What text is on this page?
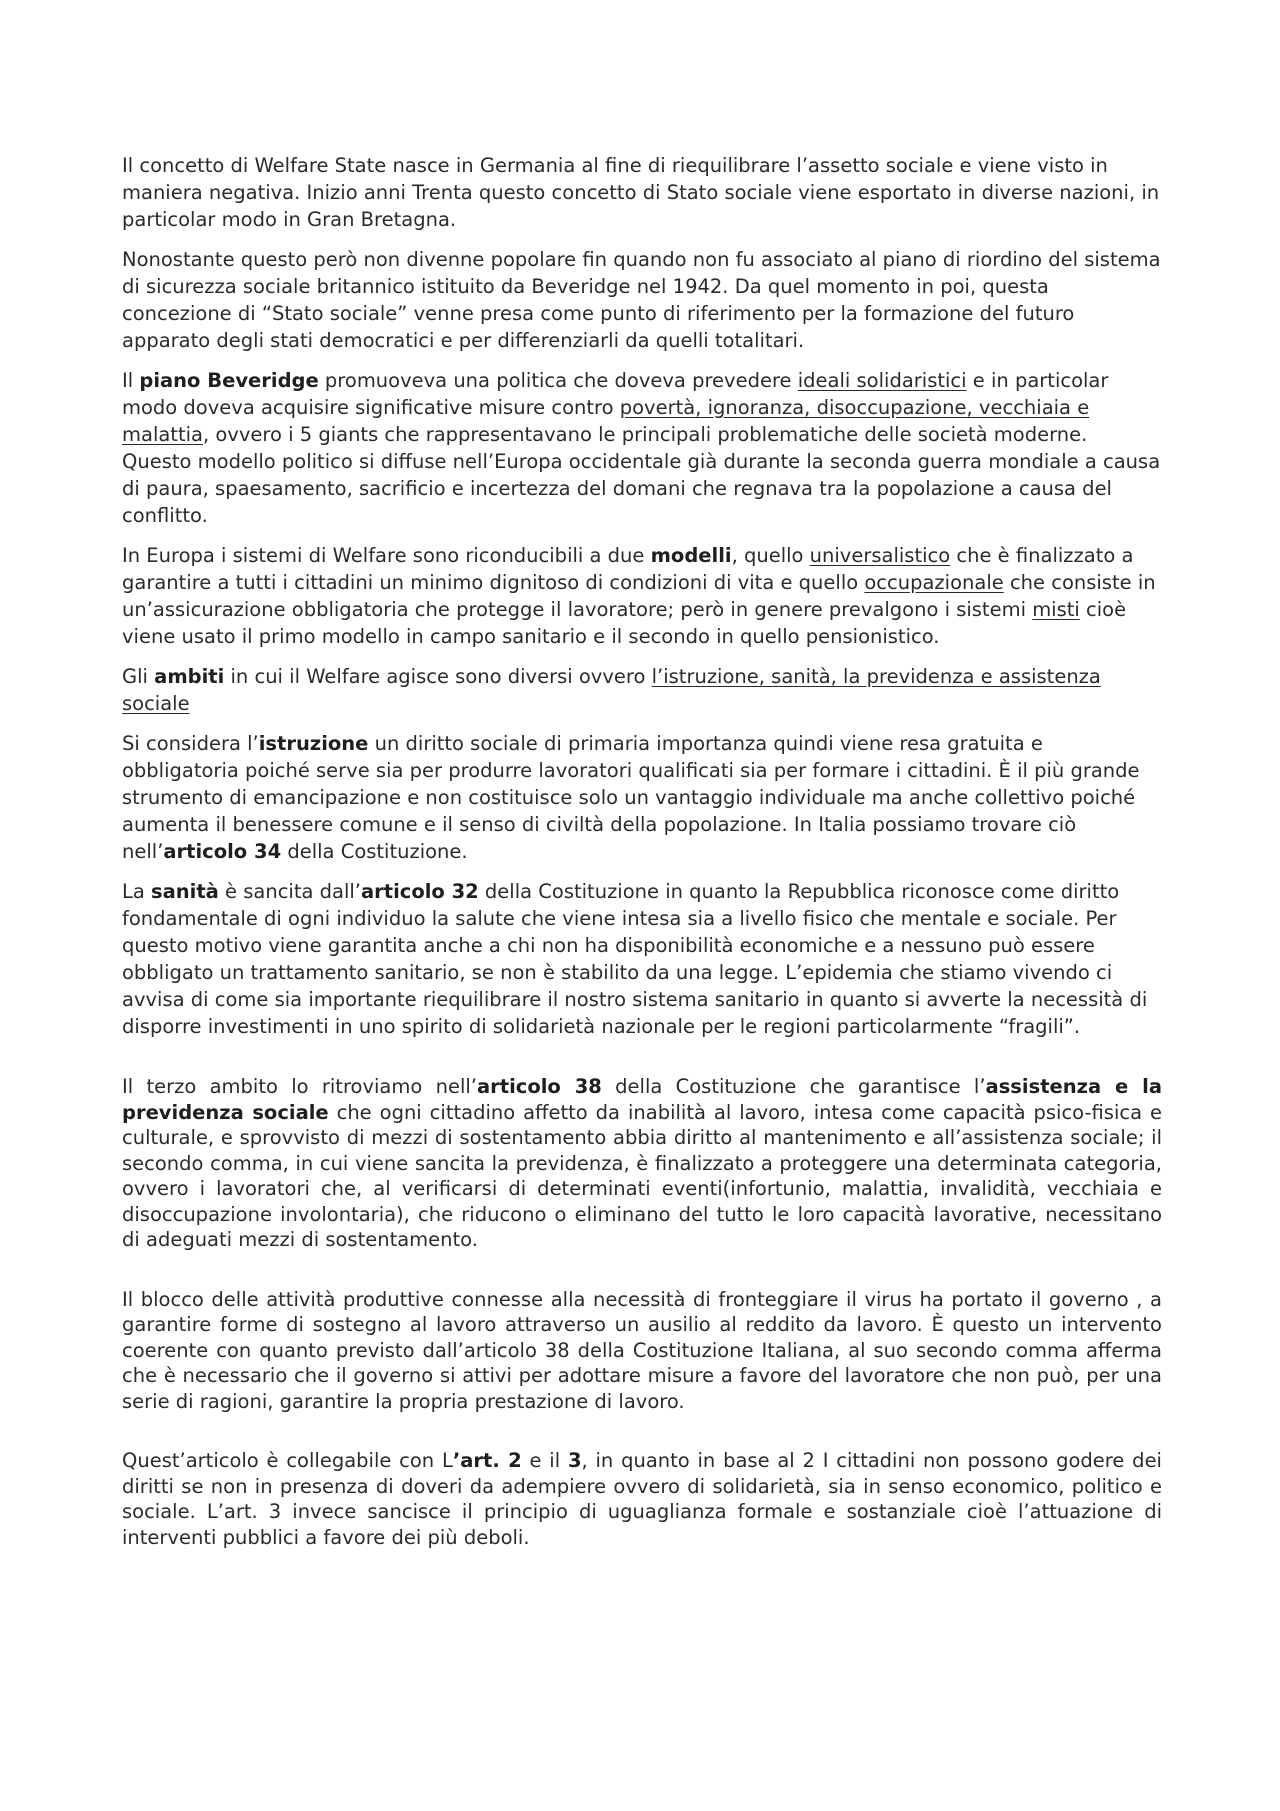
Il concetto di Welfare State nasce in Germania al fine di riequilibrare l’assetto sociale e viene visto in maniera negativa. Inizio anni Trenta questo concetto di Stato sociale viene esportato in diverse nazioni, in particolar modo in Gran Bretagna.

Nonostante questo però non divenne popolare fin quando non fu associato al piano di riordino del sistema di sicurezza sociale britannico istituito da Beveridge nel 1942. Da quel momento in poi, questa concezione di “Stato sociale” venne presa come punto di riferimento per la formazione del futuro apparato degli stati democratici e per differenziarli da quelli totalitari.

Il piano Beveridge promuoveva una politica che doveva prevedere ideali solidaristici e in particolar modo doveva acquisire significative misure contro povertà, ignoranza, disoccupazione, vecchiaia e malattia, ovvero i 5 giants che rappresentavano le principali problematiche delle società moderne. Questo modello politico si diffuse nell’Europa occidentale già durante la seconda guerra mondiale a causa di paura, spaesamento, sacrificio e incertezza del domani che regnava tra la popolazione a causa del conflitto.

In Europa i sistemi di Welfare sono riconducibili a due modelli, quello universalistico che è finalizzato a garantire a tutti i cittadini un minimo dignitoso di condizioni di vita e quello occupazionale che consiste in un’assicurazione obbligatoria che protegge il lavoratore; però in genere prevalgono i sistemi misti cioè viene usato il primo modello in campo sanitario e il secondo in quello pensionistico.

Gli ambiti in cui il Welfare agisce sono diversi ovvero l’istruzione, sanità, la previdenza e assistenza sociale

Si considera l’istruzione un diritto sociale di primaria importanza quindi viene resa gratuita e obbligatoria poiché serve sia per produrre lavoratori qualificati sia per formare i cittadini. È il più grande strumento di emancipazione e non costituisce solo un vantaggio individuale ma anche collettivo poiché aumenta il benessere comune e il senso di civiltà della popolazione. In Italia possiamo trovare ciò nell’articolo 34 della Costituzione.

La sanità è sancita dall’articolo 32 della Costituzione in quanto la Repubblica riconosce come diritto fondamentale di ogni individuo la salute che viene intesa sia a livello fisico che mentale e sociale. Per questo motivo viene garantita anche a chi non ha disponibilità economiche e a nessuno può essere obbligato un trattamento sanitario, se non è stabilito da una legge. L’epidemia che stiamo vivendo ci avvisa di come sia importante riequilibrare il nostro sistema sanitario in quanto si avverte la necessità di disporre investimenti in uno spirito di solidarietà nazionale per le regioni particolarmente “fragili”.

Il terzo ambito lo ritroviamo nell’articolo 38 della Costituzione che garantisce l’assistenza e la previdenza sociale che ogni cittadino affetto da inabilità al lavoro, intesa come capacità psico-fisica e culturale, e sprovvisto di mezzi di sostentamento abbia diritto al mantenimento e all’assistenza sociale; il secondo comma, in cui viene sancita la previdenza, è finalizzato a proteggere una determinata categoria, ovvero i lavoratori che, al verificarsi di determinati eventi(infortunio, malattia, invalidità, vecchiaia e disoccupazione involontaria), che riducono o eliminano del tutto le loro capacità lavorative, necessitano di adeguati mezzi di sostentamento.

Il blocco delle attività produttive connesse alla necessità di fronteggiare il virus ha portato il governo , a garantire forme di sostegno al lavoro attraverso un ausilio al reddito da lavoro. È questo un intervento coerente con quanto previsto dall’articolo 38 della Costituzione Italiana, al suo secondo comma afferma che è necessario che il governo si attivi per adottare misure a favore del lavoratore che non può, per una serie di ragioni, garantire la propria prestazione di lavoro.

Quest’articolo è collegabile con L’art. 2 e il 3, in quanto in base al 2 I cittadini non possono godere dei diritti se non in presenza di doveri da adempiere ovvero di solidarietà, sia in senso economico, politico e sociale. L’art. 3 invece sancisce il principio di uguaglianza formale e sostanziale cioè l’attuazione di interventi pubblici a favore dei più deboli.
